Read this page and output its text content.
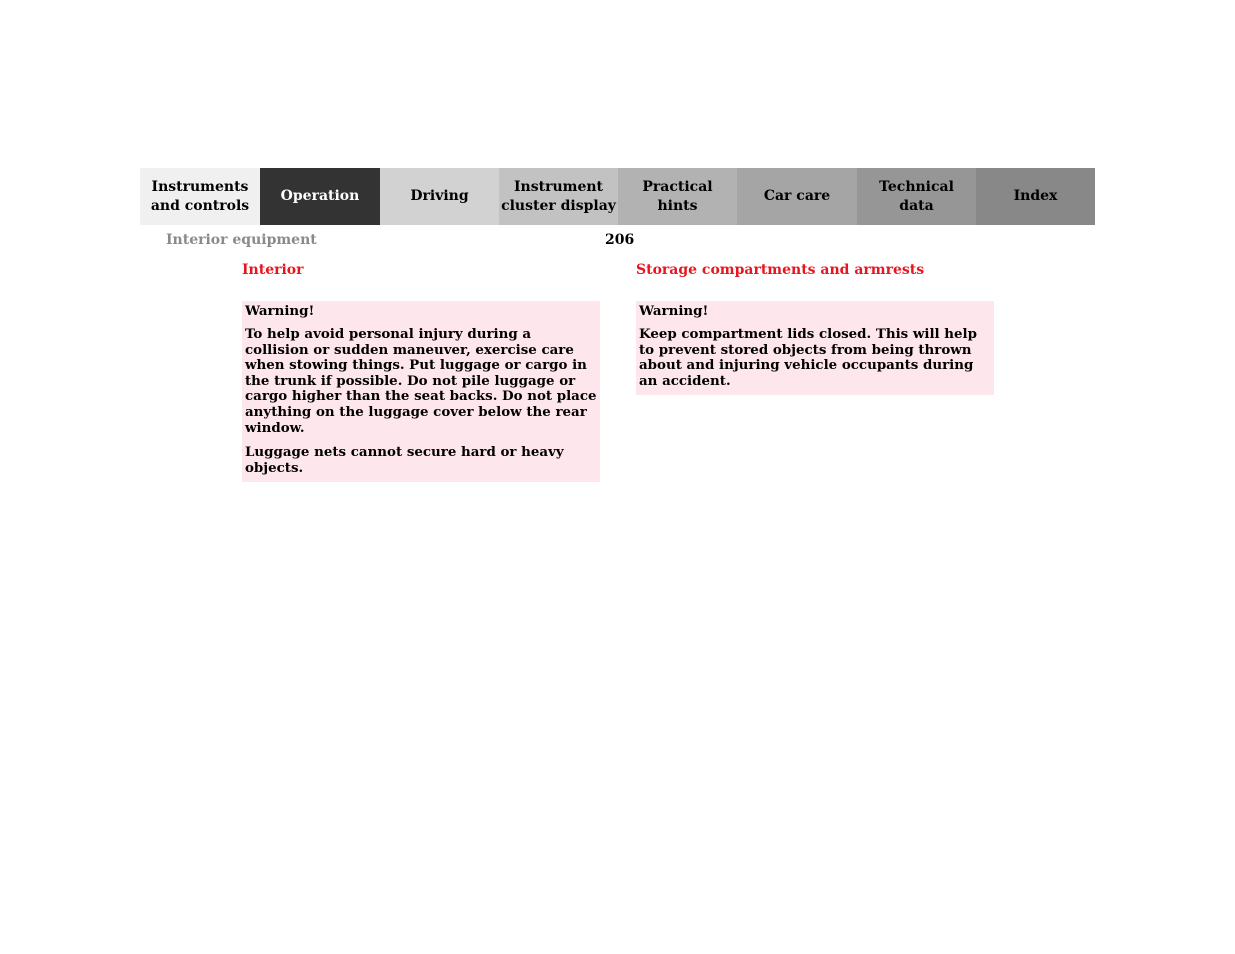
Instruments
and controls
Operation	Driving
Instrument
cluster display
Practical hints
Car care
Technical
data
Index
Interior equipment	206
Interior	Storage compartments and armrests

Warning!

To help avoid personal injury during a collision or sudden maneuver, exercise care when stowing things. Put luggage or cargo in the trunk if possible. Do not pile luggage or cargo higher than the seat backs. Do not place anything on the luggage cover below the rear window.

Luggage nets cannot secure hard or heavy objects.

Warning!

Keep compartment lids closed. This will help to prevent stored objects from being thrown about and injuring vehicle occupants during an accident.
